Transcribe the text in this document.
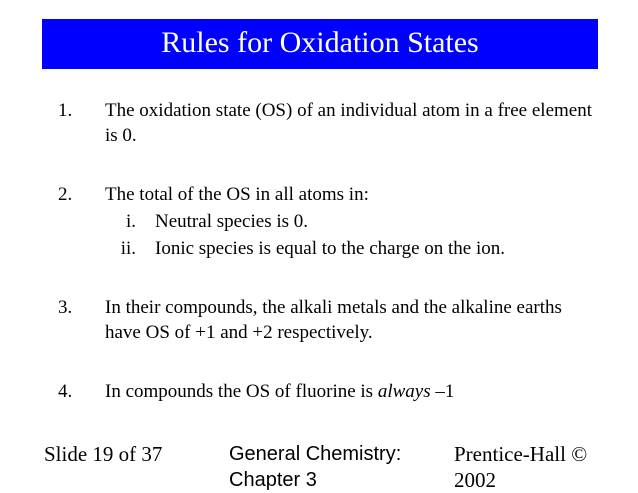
Rules for Oxidation States
1. The oxidation state (OS) of an individual atom in a free element is 0.
2. The total of the OS in all atoms in:
i. Neutral species is 0.
ii. Ionic species is equal to the charge on the ion.
3. In their compounds, the alkali metals and the alkaline earths have OS of +1 and +2 respectively.
4. In compounds the OS of fluorine is always –1
Slide 19 of 37	General Chemistry: Chapter 3
Prentice-Hall © 2002
